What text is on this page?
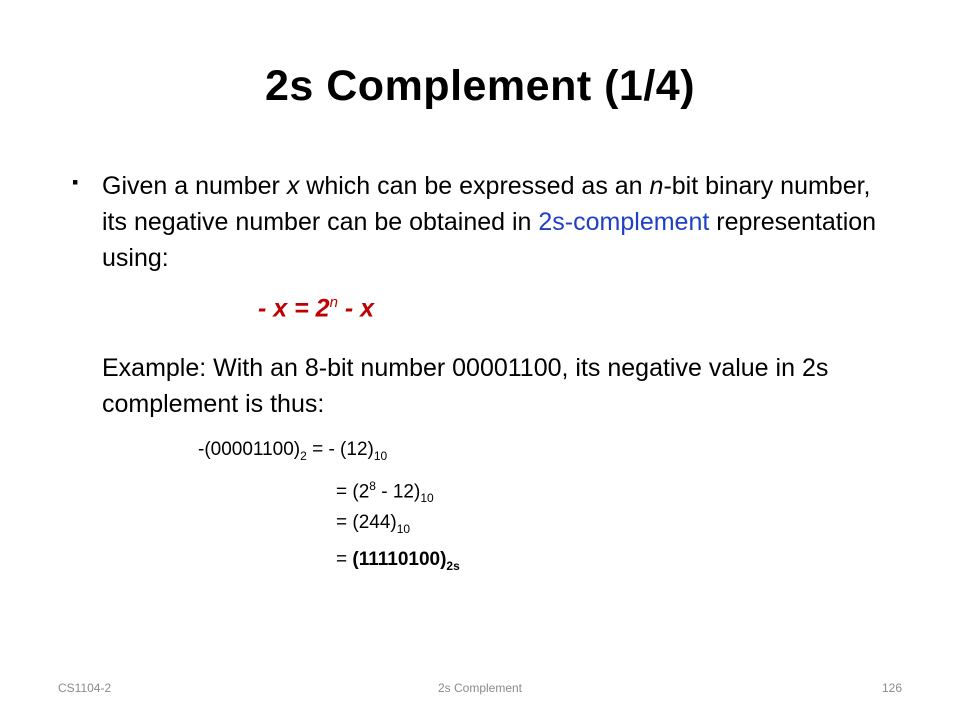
2s Complement (1/4)
▪ Given a number x which can be expressed as an n-bit binary number, its negative number can be obtained in 2s-complement representation using:
- $x = 2^n - x$
Example: With an 8-bit number 00001100, its negative value in 2s complement is thus:
$-(00001100)_2$ = - $(12)_{10}$
= $(2^8 - 12)_{10}$
= $(244)_{10}$
= $(11110100)_{2s}$
CS1104-2	2s Complement	126
